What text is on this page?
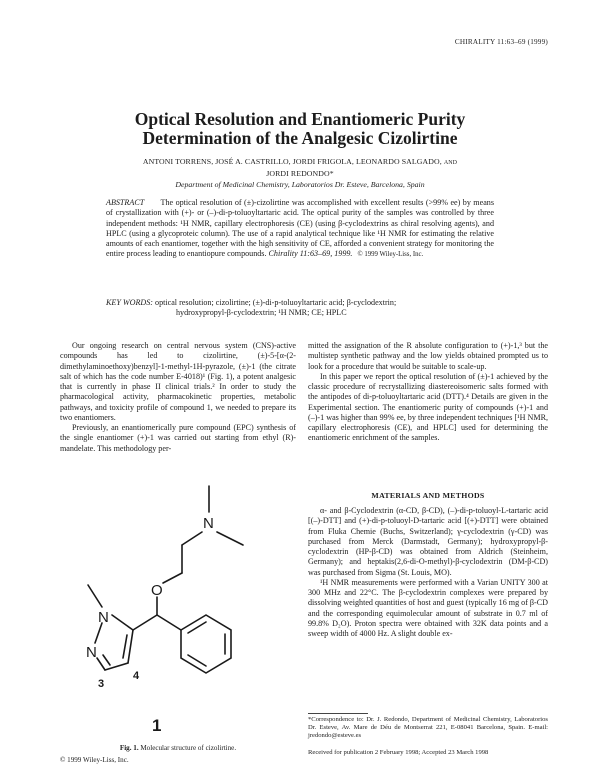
CHIRALITY 11:63–69 (1999)
Optical Resolution and Enantiomeric Purity
Determination of the Analgesic Cizolirtine
ANTONI TORRENS, JOSÉ A. CASTRILLO, JORDI FRIGOLA, LEONARDO SALGADO, AND
JORDI REDONDO*
Department of Medicinal Chemistry, Laboratorios Dr. Esteve, Barcelona, Spain
ABSTRACT The optical resolution of (±)-cizolirtine was accomplished with excellent results (>99% ee) by means of crystallization with (+)- or (–)-di-p-toluoyltartaric acid. The optical purity of the samples was controlled by three independent methods: ¹H NMR, capillary electrophoresis (CE) (using β-cyclodextrins as chiral resolving agents), and HPLC (using a glycoproteic column). The use of a rapid analytical technique like ¹H NMR for estimating the relative amounts of each enantiomer, together with the high sensitivity of CE, afforded a convenient strategy for monitoring the entire process leading to enantiopure compounds. Chirality 11:63–69, 1999. © 1999 Wiley-Liss, Inc.
KEY WORDS: optical resolution; cizolirtine; (±)-di-p-toluoyltartaric acid; β-cyclodextrin;
hydroxypropyl-β-cyclodextrin; ¹H NMR; CE; HPLC

Our ongoing research on central nervous system (CNS)-active compounds has led to cizolirtine, (±)-5-[α-(2-dimethylaminoethoxy)benzyl]-1-methyl-1H-pyrazole, (±)-1 (the citrate salt of which has the code number E-4018)¹ (Fig. 1), a potent analgesic that is currently in phase II clinical trials.² In order to study the pharmacological activity, pharmacokinetic properties, metabolic pathways, and toxicity profile of compound 1, we needed to prepare its two enantiomers.

Previously, an enantiomerically pure compound (EPC) synthesis of the single enantiomer (+)-1 was carried out starting from ethyl (R)-mandelate. This methodology per-

mitted the assignation of the R absolute configuration to (+)-1,³ but the multistep synthetic pathway and the low yields obtained prompted us to look for a procedure that would be suitable to scale-up.

In this paper we report the optical resolution of (±)-1 achieved by the classic procedure of recrystallizing diastereoisomeric salts formed with the antipodes of di-p-toluoyltartaric acid (DTT).⁴ Details are given in the Experimental section. The enantiomeric purity of compounds (+)-1 and (–)-1 was higher than 99% ee, by three independent techniques [¹H NMR, capillary electrophoresis (CE), and HPLC] used for determining the enantiomeric enrichment of the samples.

MATERIALS AND METHODS

α- and β-Cyclodextrin (α-CD, β-CD), (–)-di-p-toluoyl-L-tartaric acid [(–)-DTT] and (+)-di-p-toluoyl-D-tartaric acid [(+)-DTT] were obtained from Fluka Chemie (Buchs, Switzerland); γ-cyclodextrin (γ-CD) was purchased from Merck (Darmstadt, Germany); hydroxypropyl-β-cyclodextrin (HP-β-CD) was obtained from Aldrich (Steinheim, Germany); and heptakis(2,6-di-O-methyl)-β-cyclodextrin (DM-β-CD) was purchased from Sigma (St. Louis, MO).

¹H NMR measurements were performed with a Varian UNITY 300 at 300 MHz and 22°C. The β-cyclodextrin complexes were prepared by dissolving weighted quantities of host and guest (typically 16 mg of β-CD and the corresponding equimolecular amount of substrate in 0.7 ml of 99.8% D₂O). Proton spectra were obtained with 32K data points and a sweep width of 4000 Hz. A slight double ex-

N
O
N
N
3
4
1
Fig. 1. Molecular structure of cizolirtine.
© 1999 Wiley-Liss, Inc.
*Correspondence to: Dr. J. Redondo, Department of Medicinal Chemistry, Laboratorios Dr. Esteve, Av. Mare de Déu de Montserrat 221, E-08041 Barcelona, Spain. E-mail: jredondo@esteve.es
Received for publication 2 February 1998; Accepted 23 March 1998
